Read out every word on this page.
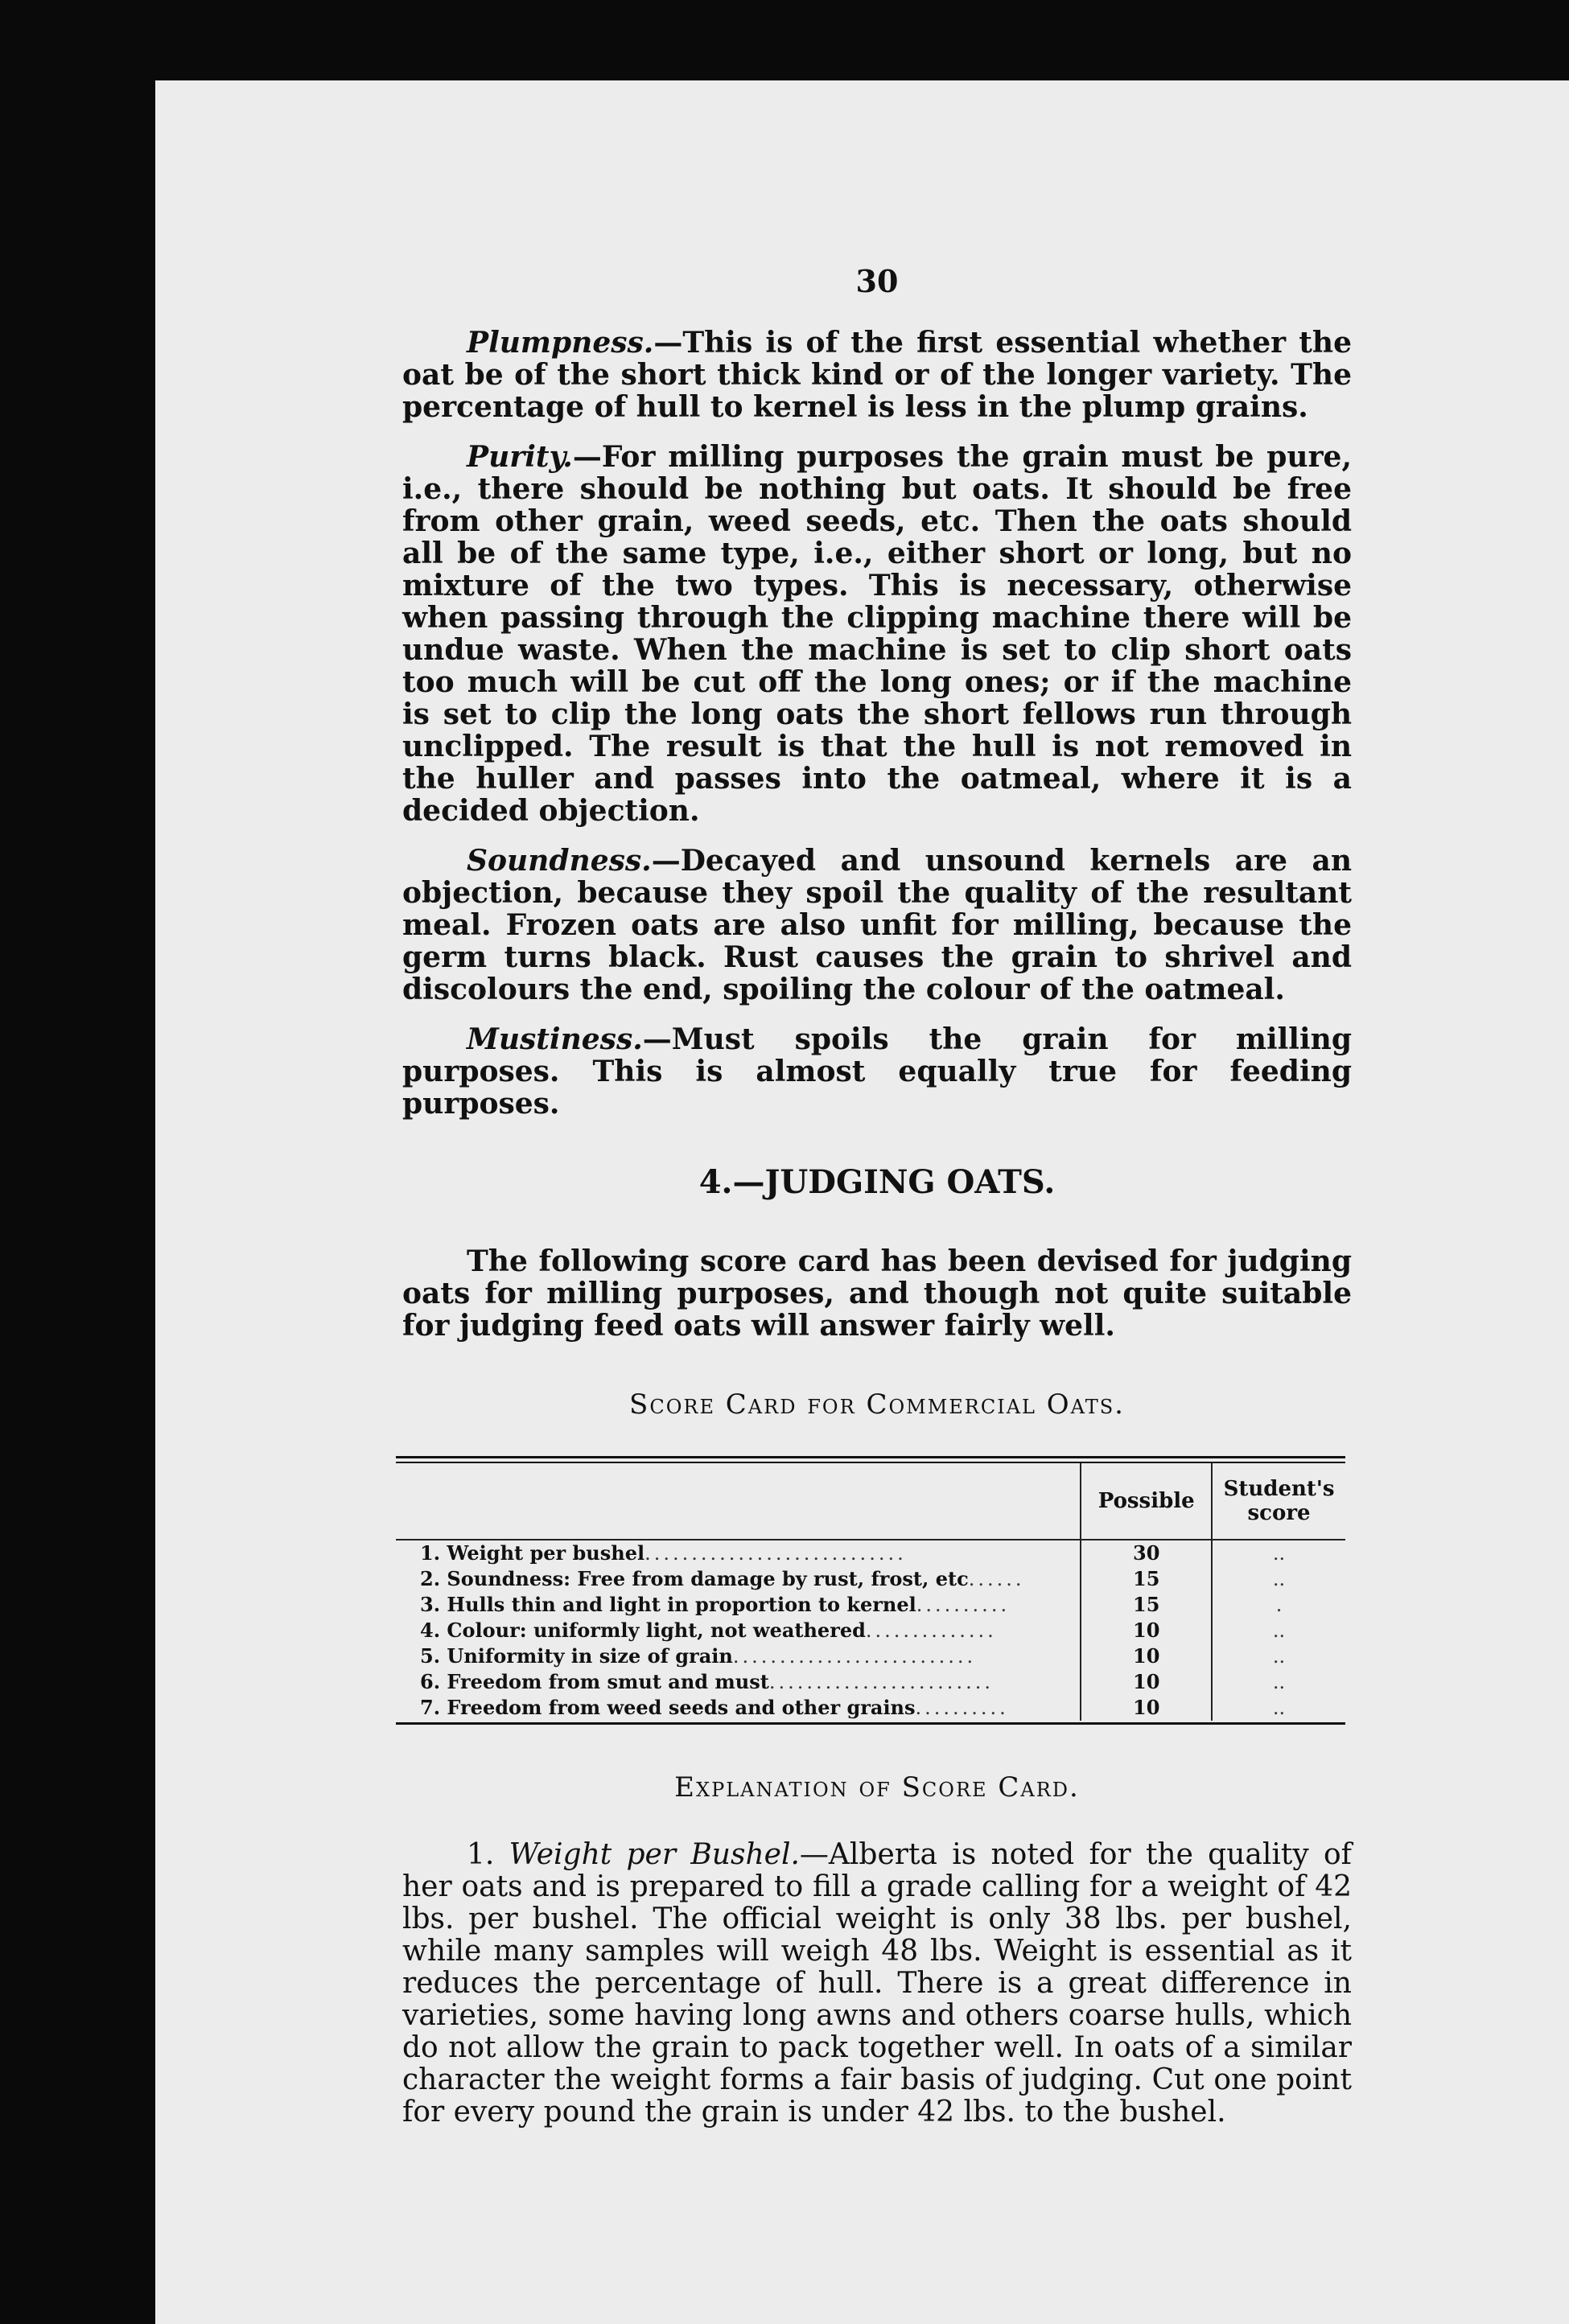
30

Plumpness.—This is of the first essential whether the oat be of the short thick kind or of the longer variety. The percentage of hull to kernel is less in the plump grains.

Purity.—For milling purposes the grain must be pure, i.e., there should be nothing but oats. It should be free from other grain, weed seeds, etc. Then the oats should all be of the same type, i.e., either short or long, but no mixture of the two types. This is necessary, otherwise when passing through the clipping machine there will be undue waste. When the machine is set to clip short oats too much will be cut off the long ones; or if the machine is set to clip the long oats the short fellows run through unclipped. The result is that the hull is not removed in the huller and passes into the oatmeal, where it is a decided objection.

Soundness.—Decayed and unsound kernels are an objection, because they spoil the quality of the resultant meal. Frozen oats are also unfit for milling, because the germ turns black. Rust causes the grain to shrivel and discolours the end, spoiling the colour of the oatmeal.

Mustiness.—Must spoils the grain for milling purposes. This is almost equally true for feeding purposes.

4.—JUDGING OATS.

The following score card has been devised for judging oats for milling purposes, and though not quite suitable for judging feed oats will answer fairly well.

Score Card for Commercial Oats.
	Possible	Student's score
1. Weight per bushel............................	30	..
2. Soundness: Free from damage by rust, frost, etc......	15	..
3. Hulls thin and light in proportion to kernel..........	15	.
4. Colour: uniformly light, not weathered..............	10	..
5. Uniformity in size of grain..........................	10	..
6. Freedom from smut and must........................	10	..
7. Freedom from weed seeds and other grains..........	10	..
Explanation of Score Card.

1. Weight per Bushel.—Alberta is noted for the quality of her oats and is prepared to fill a grade calling for a weight of 42 lbs. per bushel. The official weight is only 38 lbs. per bushel, while many samples will weigh 48 lbs. Weight is essential as it reduces the percentage of hull. There is a great difference in varieties, some having long awns and others coarse hulls, which do not allow the grain to pack together well. In oats of a similar character the weight forms a fair basis of judging. Cut one point for every pound the grain is under 42 lbs. to the bushel.
